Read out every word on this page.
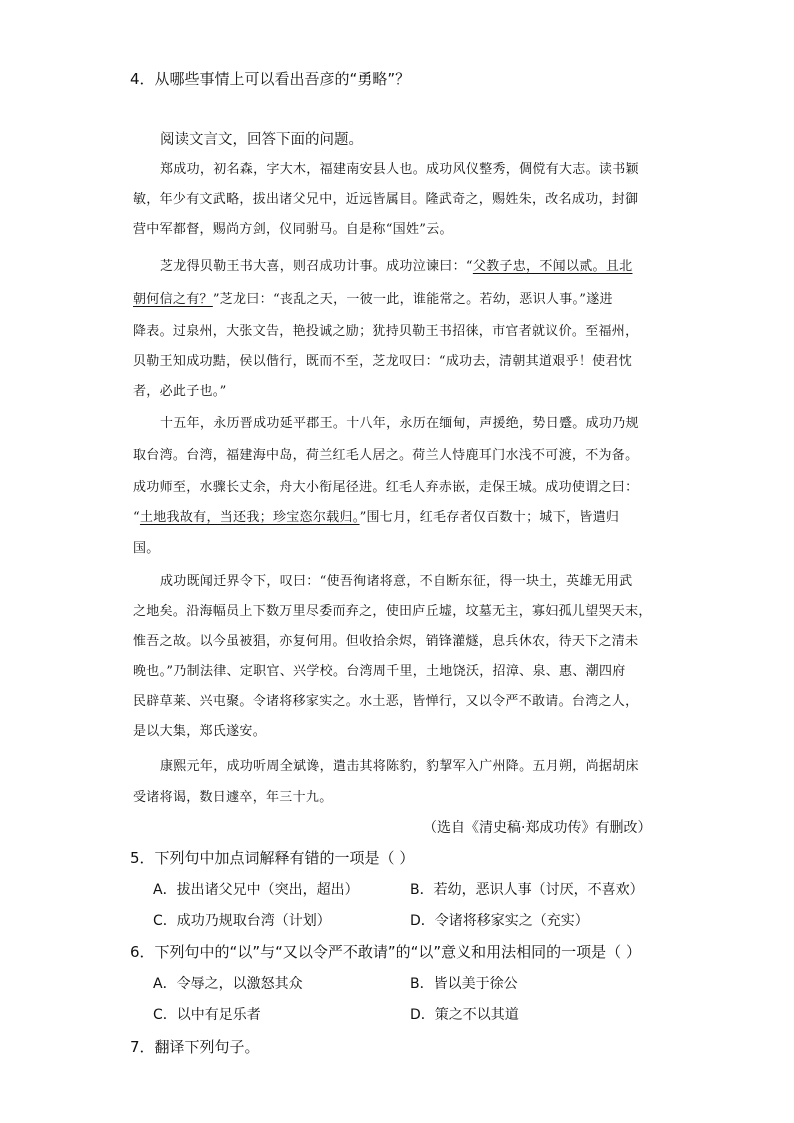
4．从哪些事情上可以看出吾彦的“勇略”？
阅读文言文，回答下面的问题。
郑成功，初名森，字大木，福建南安县人也。成功风仪整秀，倜傥有大志。读书颖
敏，年少有文武略，拔出诸父兄中，近远皆属目。隆武奇之，赐姓朱，改名成功，封御
营中军都督，赐尚方剑，仪同驸马。自是称“国姓”云。
芝龙得贝勒王书大喜，则召成功计事。成功泣谏曰：“父教子忠，不闻以贰。且北
朝何信之有？”芝龙曰：“丧乱之天，一彼一此，谁能常之。若幼，恶识人事。”遂进
降表。过泉州，大张文告，艳投诚之励；犹持贝勒王书招徕，市官者就议价。至福州，
贝勒王知成功黠，侯以偕行，既而不至，芝龙叹曰：“成功去，清朝其道艰乎！使君忱
者，必此子也。”
十五年，永历晋成功延平郡王。十八年，永历在缅甸，声援绝，势日蹙。成功乃规
取台湾。台湾，福建海中岛，荷兰红毛人居之。荷兰人恃鹿耳门水浅不可渡，不为备。
成功师至，水骤长丈余，舟大小衔尾径进。红毛人弃赤嵌，走保王城。成功使谓之曰：
“土地我故有，当还我；珍宝恣尔载归。”围七月，红毛存者仅百数十；城下，皆遣归
国。
成功既闻迁界令下，叹曰：“使吾徇诸将意，不自断东征，得一块土，英雄无用武
之地矣。沿海幅员上下数万里尽委而弃之，使田庐丘墟，坟墓无主，寡妇孤儿望哭天末，
惟吾之故。以今虽被猖，亦复何用。但收拾余烬，销锋灌燧，息兵休农，待天下之清未
晚也。”乃制法律、定职官、兴学校。台湾周千里，土地饶沃，招漳、泉、惠、潮四府
民辟草莱、兴屯聚。令诸将移家实之。水土恶，皆惮行，又以令严不敢请。台湾之人，
是以大集，郑氏遂安。
康熙元年，成功听周全斌谗，遣击其将陈豹，豹挈军入广州降。五月朔，尚据胡床
受诸将谒，数日遽卒，年三十九。
（选自《清史稿·郑成功传》有删改）
5．下列句中加点词解释有错的一项是（ ）
A．拔出诸父兄中（突出，超出）	B．若幼，恶识人事（讨厌，不喜欢）
C．成功乃规取台湾（计划）	D．令诸将移家实之（充实）
6．下列句中的“以”与“又以令严不敢请”的“以”意义和用法相同的一项是（ ）
A．令辱之，以激怒其众	B．皆以美于徐公
C．以中有足乐者	D．策之不以其道
7．翻译下列句子。
